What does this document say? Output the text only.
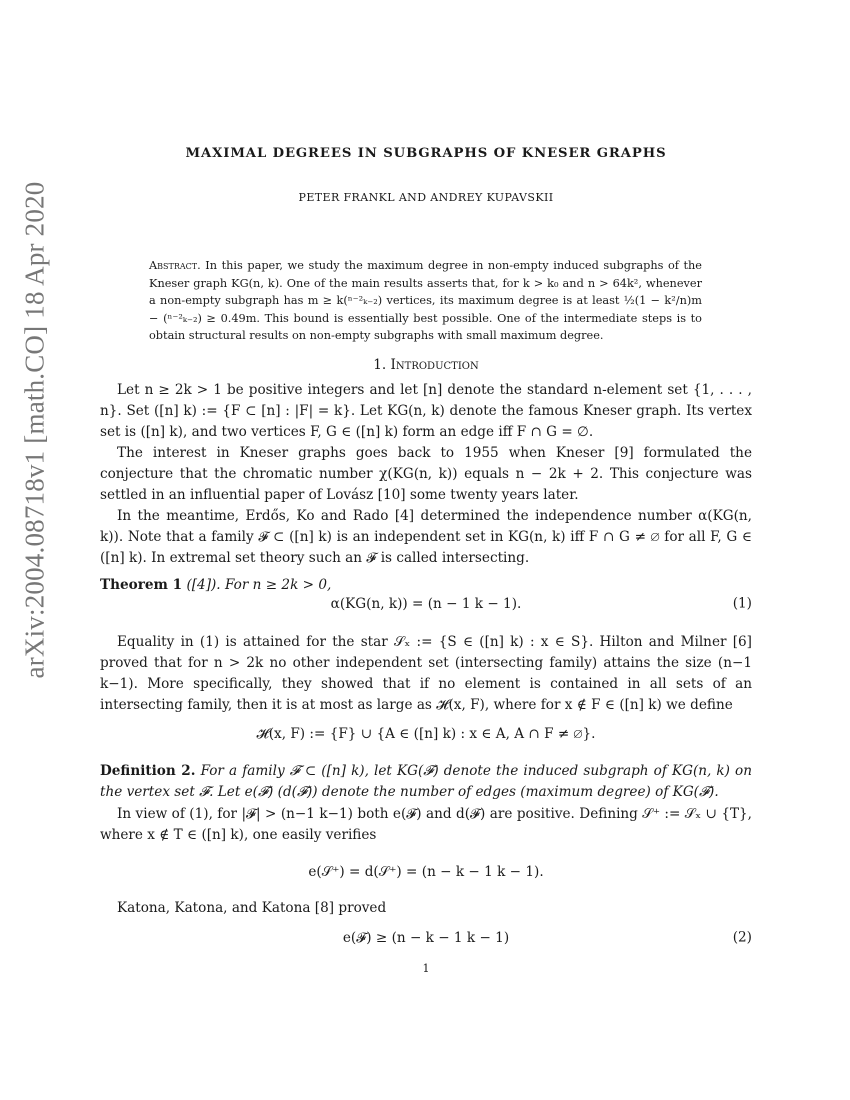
arXiv:2004.08718v1 [math.CO] 18 Apr 2020
MAXIMAL DEGREES IN SUBGRAPHS OF KNESER GRAPHS
PETER FRANKL AND ANDREY KUPAVSKII
Abstract. In this paper, we study the maximum degree in non-empty induced subgraphs of the Kneser graph KG(n, k). One of the main results asserts that, for k > k₀ and n > 64k², whenever a non-empty subgraph has m ≥ k(ⁿ⁻²ₖ₋₂) vertices, its maximum degree is at least ½(1 − k²/n)m − (ⁿ⁻²ₖ₋₂) ≥ 0.49m. This bound is essentially best possible. One of the intermediate steps is to obtain structural results on non-empty subgraphs with small maximum degree.
1. Introduction

Let n ≥ 2k > 1 be positive integers and let [n] denote the standard n-element set {1, . . . , n}. Set ([n] k) := {F ⊂ [n] : |F| = k}. Let KG(n, k) denote the famous Kneser graph. Its vertex set is ([n] k), and two vertices F, G ∈ ([n] k) form an edge iff F ∩ G = ∅.

The interest in Kneser graphs goes back to 1955 when Kneser [9] formulated the conjecture that the chromatic number χ(KG(n, k)) equals n − 2k + 2. This conjecture was settled in an influential paper of Lovász [10] some twenty years later.

In the meantime, Erdős, Ko and Rado [4] determined the independence number α(KG(n, k)). Note that a family 𝓕 ⊂ ([n] k) is an independent set in KG(n, k) iff F ∩ G ≠ ∅ for all F, G ∈ ([n] k). In extremal set theory such an 𝓕 is called intersecting.

Theorem 1 ([4]). For n ≥ 2k > 0,

α(KG(n, k)) = (n − 1 k − 1).	(1)

Equality in (1) is attained for the star 𝒮ₓ := {S ∈ ([n] k) : x ∈ S}. Hilton and Milner [6] proved that for n > 2k no other independent set (intersecting family) attains the size (n−1 k−1). More specifically, they showed that if no element is contained in all sets of an intersecting family, then it is at most as large as 𝓗(x, F), where for x ∉ F ∈ ([n] k) we define

𝓗(x, F) := {F} ∪ {A ∈ ([n] k) : x ∈ A, A ∩ F ≠ ∅}.

Definition 2. For a family 𝓕 ⊂ ([n] k), let KG(𝓕) denote the induced subgraph of KG(n, k) on the vertex set 𝓕. Let e(𝓕) (d(𝓕)) denote the number of edges (maximum degree) of KG(𝓕).

In view of (1), for |𝓕| > (n−1 k−1) both e(𝓕) and d(𝓕) are positive. Defining 𝒮⁺ := 𝒮ₓ ∪ {T}, where x ∉ T ∈ ([n] k), one easily verifies

e(𝒮⁺) = d(𝒮⁺) = (n − k − 1 k − 1).

Katona, Katona, and Katona [8] proved

e(𝓕) ≥ (n − k − 1 k − 1)	(2)
1
